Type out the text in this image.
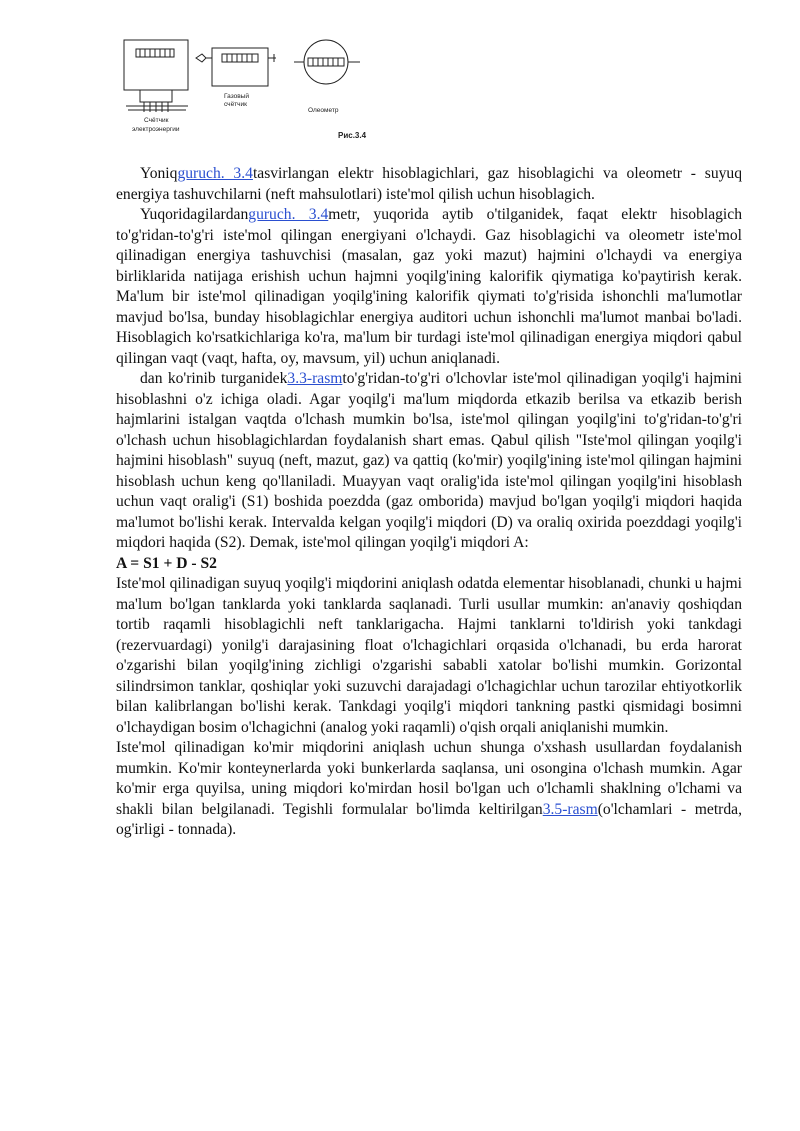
Счётчик
электроэнергии
Газовый
счётчик
Олеометр
Рис.3.4

Yoniqguruch. 3.4tasvirlangan elektr hisoblagichlari, gaz hisoblagichi va oleometr - suyuq energiya tashuvchilarni (neft mahsulotlari) iste'mol qilish uchun hisoblagich.

Yuqoridagilardanguruch. 3.4metr, yuqorida aytib o'tilganidek, faqat elektr hisoblagich to'g'ridan-to'g'ri iste'mol qilingan energiyani o'lchaydi. Gaz hisoblagichi va oleometr iste'mol qilinadigan energiya tashuvchisi (masalan, gaz yoki mazut) hajmini o'lchaydi va energiya birliklarida natijaga erishish uchun hajmni yoqilg'ining kalorifik qiymatiga ko'paytirish kerak. Ma'lum bir iste'mol qilinadigan yoqilg'ining kalorifik qiymati to'g'risida ishonchli ma'lumotlar mavjud bo'lsa, bunday hisoblagichlar energiya auditori uchun ishonchli ma'lumot manbai bo'ladi. Hisoblagich ko'rsatkichlariga ko'ra, ma'lum bir turdagi iste'mol qilinadigan energiya miqdori qabul qilingan vaqt (vaqt, hafta, oy, mavsum, yil) uchun aniqlanadi.

dan ko'rinib turganidek3.3-rasmto'g'ridan-to'g'ri o'lchovlar iste'mol qilinadigan yoqilg'i hajmini hisoblashni o'z ichiga oladi. Agar yoqilg'i ma'lum miqdorda etkazib berilsa va etkazib berish hajmlarini istalgan vaqtda o'lchash mumkin bo'lsa, iste'mol qilingan yoqilg'ini to'g'ridan-to'g'ri o'lchash uchun hisoblagichlardan foydalanish shart emas. Qabul qilish "Iste'mol qilingan yoqilg'i hajmini hisoblash" suyuq (neft, mazut, gaz) va qattiq (ko'mir) yoqilg'ining iste'mol qilingan hajmini hisoblash uchun keng qo'llaniladi. Muayyan vaqt oralig'ida iste'mol qilingan yoqilg'ini hisoblash uchun vaqt oralig'i (S1) boshida poezdda (gaz omborida) mavjud bo'lgan yoqilg'i miqdori haqida ma'lumot bo'lishi kerak. Intervalda kelgan yoqilg'i miqdori (D) va oraliq oxirida poezddagi yoqilg'i miqdori haqida (S2). Demak, iste'mol qilingan yoqilg'i miqdori A:

A = S1 + D - S2

Iste'mol qilinadigan suyuq yoqilg'i miqdorini aniqlash odatda elementar hisoblanadi, chunki u hajmi ma'lum bo'lgan tanklarda yoki tanklarda saqlanadi. Turli usullar mumkin: an'anaviy qoshiqdan tortib raqamli hisoblagichli neft tanklarigacha. Hajmi tanklarni to'ldirish yoki tankdagi (rezervuardagi) yonilg'i darajasining float o'lchagichlari orqasida o'lchanadi, bu erda harorat o'zgarishi bilan yoqilg'ining zichligi o'zgarishi sababli xatolar bo'lishi mumkin. Gorizontal silindrsimon tanklar, qoshiqlar yoki suzuvchi darajadagi o'lchagichlar uchun tarozilar ehtiyotkorlik bilan kalibrlangan bo'lishi kerak. Tankdagi yoqilg'i miqdori tankning pastki qismidagi bosimni o'lchaydigan bosim o'lchagichni (analog yoki raqamli) o'qish orqali aniqlanishi mumkin.

Iste'mol qilinadigan ko'mir miqdorini aniqlash uchun shunga o'xshash usullardan foydalanish mumkin. Ko'mir konteynerlarda yoki bunkerlarda saqlansa, uni osongina o'lchash mumkin. Agar ko'mir erga quyilsa, uning miqdori ko'mirdan hosil bo'lgan uch o'lchamli shaklning o'lchami va shakli bilan belgilanadi. Tegishli formulalar bo'limda keltirilgan3.5-rasm(o'lchamlari - metrda, og'irligi - tonnada).
